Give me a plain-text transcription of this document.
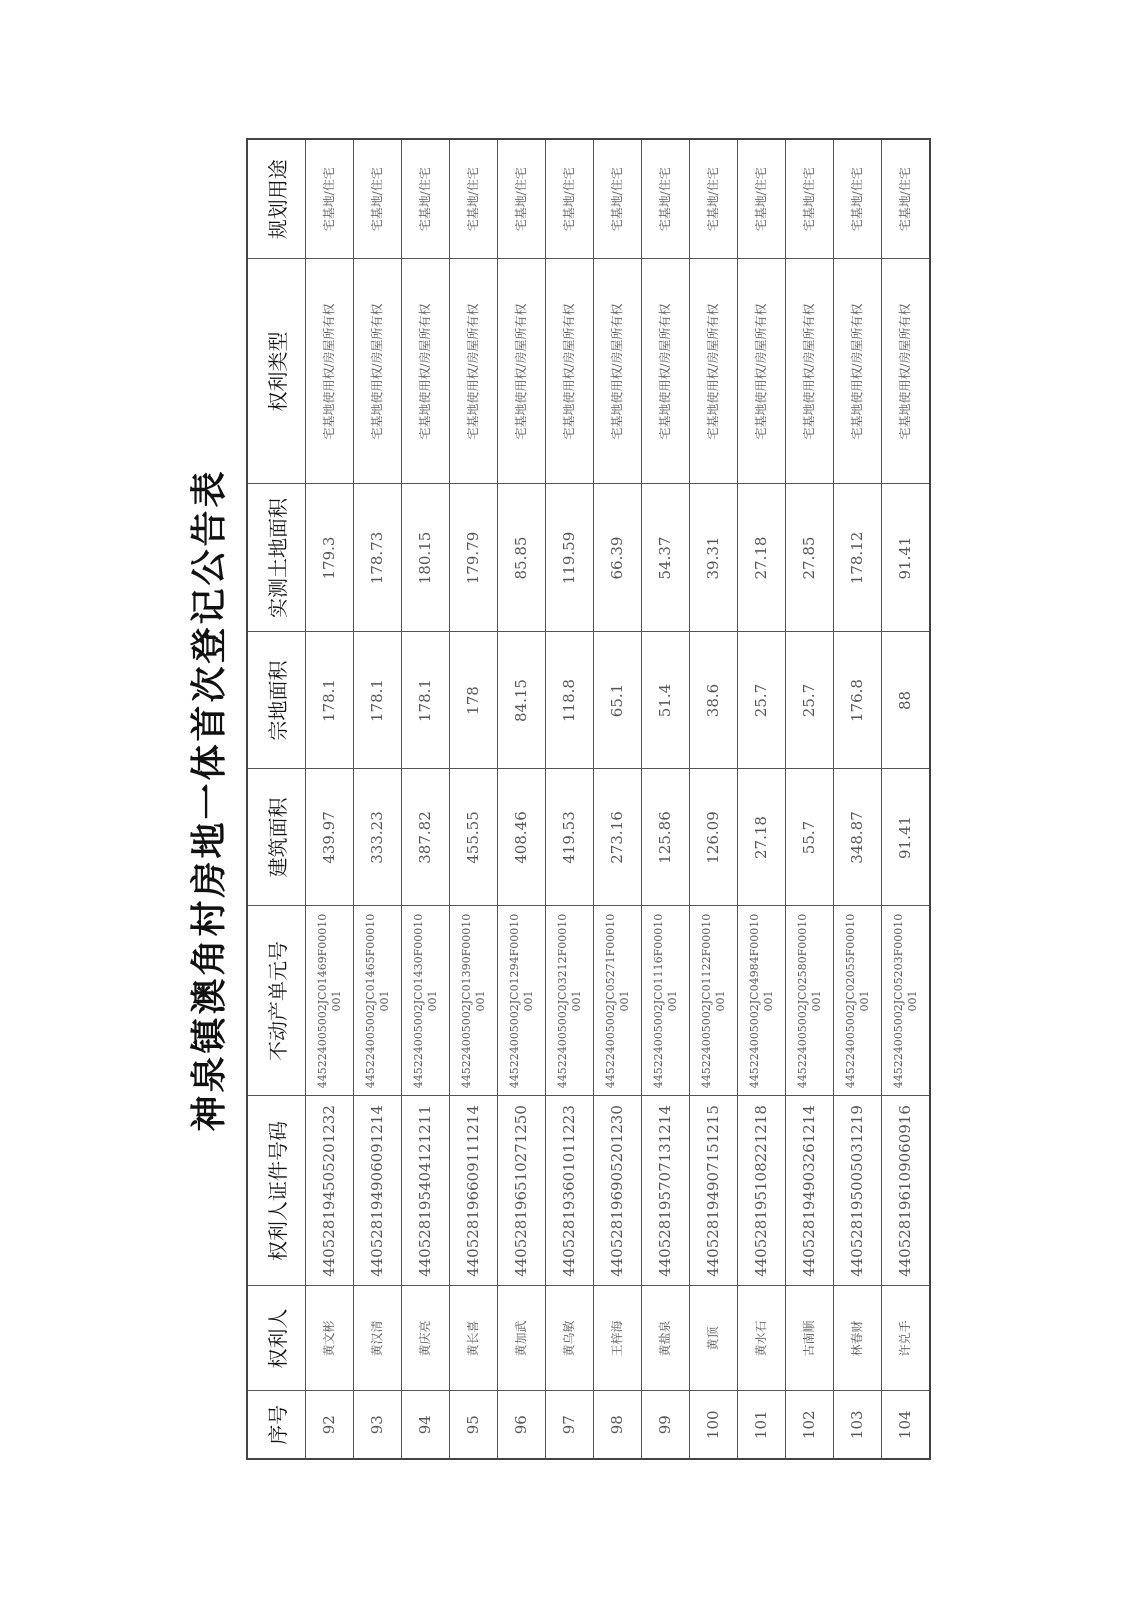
神泉镇澳角村房地一体首次登记公告表
序号	权利人	权利人证件号码	不动产单元号	建筑面积	宗地面积	实测土地面积	权利类型	规划用途
92	黄文彬	440528194505201232	445224005002JC01469F00010001	439.97	178.1	179.3	宅基地使用权/房屋所有权	宅基地/住宅
93	黄汉清	440528194906091214	445224005002JC01465F00010001	333.23	178.1	178.73	宅基地使用权/房屋所有权	宅基地/住宅
94	黄庆亮	440528195404121211	445224005002JC01430F00010001	387.82	178.1	180.15	宅基地使用权/房屋所有权	宅基地/住宅
95	黄长喜	440528196609111214	445224005002JC01390F00010001	455.55	178	179.79	宅基地使用权/房屋所有权	宅基地/住宅
96	黄加武	440528196510271250	445224005002JC01294F00010001	408.46	84.15	85.85	宅基地使用权/房屋所有权	宅基地/住宅
97	黄乌敏	440528193601011223	445224005002JC03212F00010001	419.53	118.8	119.59	宅基地使用权/房屋所有权	宅基地/住宅
98	王梓海	440528196905201230	445224005002JC05271F00010001	273.16	65.1	66.39	宅基地使用权/房屋所有权	宅基地/住宅
99	黄盐泉	440528195707131214	445224005002JC01116F00010001	125.86	51.4	54.37	宅基地使用权/房屋所有权	宅基地/住宅
100	黄顶	440528194907151215	445224005002JC01122F00010001	126.09	38.6	39.31	宅基地使用权/房屋所有权	宅基地/住宅
101	黄水石	440528195108221218	445224005002JC04984F00010001	27.18	25.7	27.18	宅基地使用权/房屋所有权	宅基地/住宅
102	古南顺	440528194903261214	445224005002JC02580F00010001	55.7	25.7	27.85	宅基地使用权/房屋所有权	宅基地/住宅
103	林春财	440528195005031219	445224005002JC02055F00010001	348.87	176.8	178.12	宅基地使用权/房屋所有权	宅基地/住宅
104	许兑手	440528196109060916	445224005002JC05203F00010001	91.41	88	91.41	宅基地使用权/房屋所有权	宅基地/住宅
